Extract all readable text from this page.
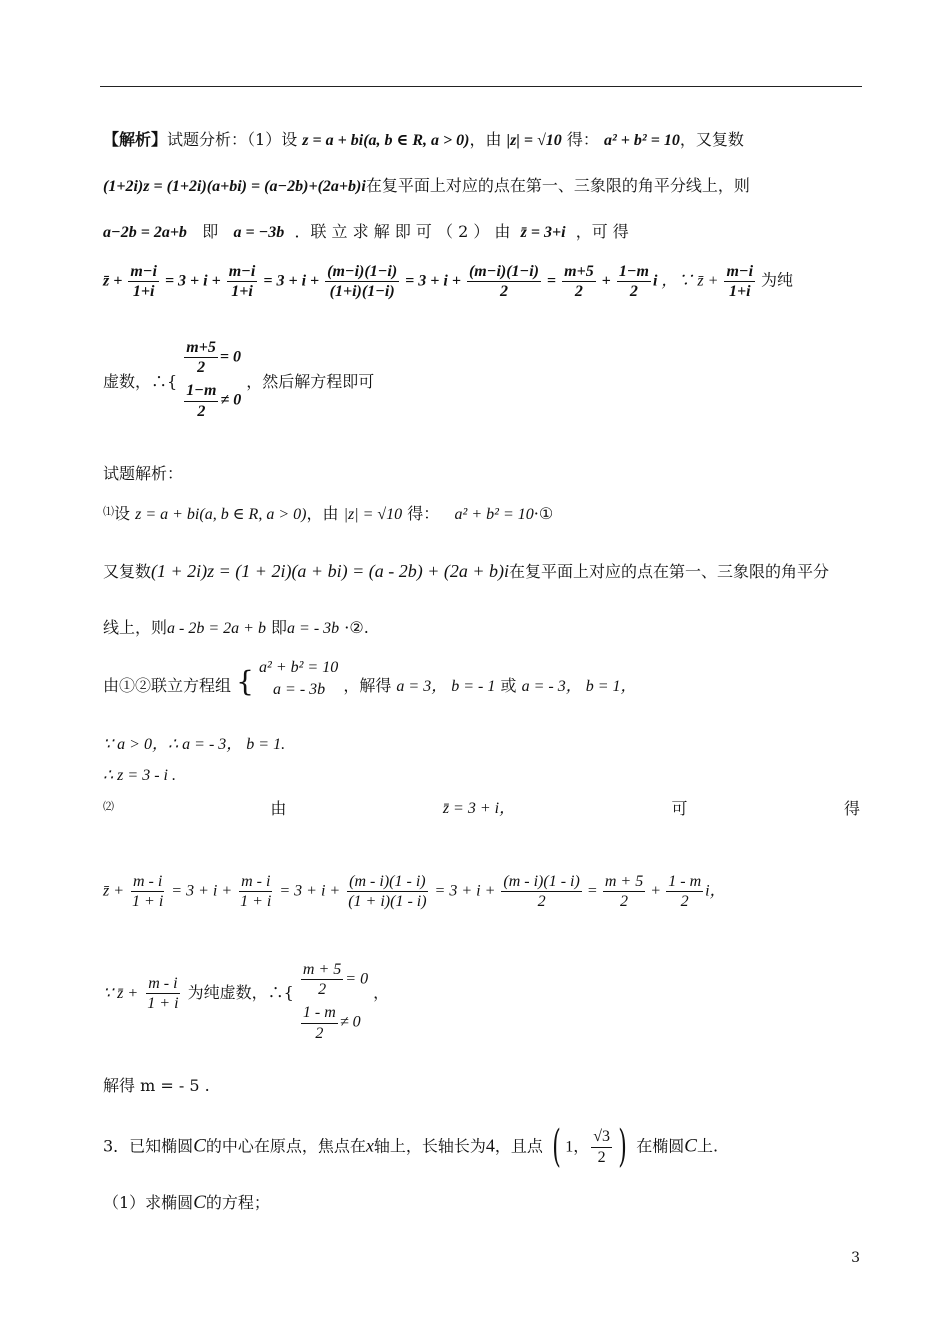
【解析】试题分析：（1）设 z = a + bi(a, b ∈ R, a > 0)，由 |z| = √10 得： a² + b² = 10，又复数
(1+2i)z = (1+2i)(a+bi) = (a−2b)+(2a+b)i在复平面上对应的点在第一、三象限的角平分线上，则
a−2b = 2a+b 即 a = −3b ．联 立 求 解 即 可 （ 2 ） 由 z̄ = 3+i ，可 得
z̄ + $\frac{m-i}{1+i} = 3 + i + \frac{m-i}{1+i} = 3 + i + \frac{(m-i)(1-i)}{(1+i)(1-i)} = 3 + i + \frac{(m-i)(1-i)}{2} = \frac{m+5}{2} + \frac{1-m}{2}$ i ，∵ z̄ + $\frac{m-i}{1+i}$ 为纯
虚数，∴{
$\frac{m+5}{2} = 0$
$\frac{1-m}{2} \ne 0$
，然后解方程即可
试题解析：
⑴设 z = a + bi(a, b ∈ R, a > 0)，由 |z| = √10 得： a² + b² = 10·①
又复数(1 + 2i)z = (1 + 2i)(a + bi) = (a - 2b) + (2a + b)i在复平面上对应的点在第一、三象限的角平分
线上，则a - 2b = 2a + b 即a = - 3b ·②.
由①②联立方程组 { a² + b² = 10
a = - 3b	，解得 a = 3， b = - 1 或 a = - 3， b = 1，
∵ a > 0，∴ a = - 3， b = 1.
∴ z = 3 - i .
⑵	由	z̄ = 3 + i，	可	得
z̄ + $\frac{m - i}{1 + i} = 3 + i + \frac{m - i}{1 + i} = 3 + i + \frac{(m - i)(1 - i)}{(1 + i)(1 - i)} = 3 + i + \frac{(m - i)(1 - i)}{2} = \frac{m + 5}{2} + \frac{1 - m}{2}$ i，
∵ z̄ + $\frac{m - i}{1 + i}$ 为纯虚数，∴{ $\frac{m + 5}{2} = 0$
$\frac{1 - m}{2} \ne 0$
，
解得 m = - 5 .
3．已知椭圆C的中心在原点，焦点在x轴上，长轴长为4，且点 ( 1， $\frac{√3}{2}$ ) 在椭圆C上.
（1）求椭圆C的方程；
3
